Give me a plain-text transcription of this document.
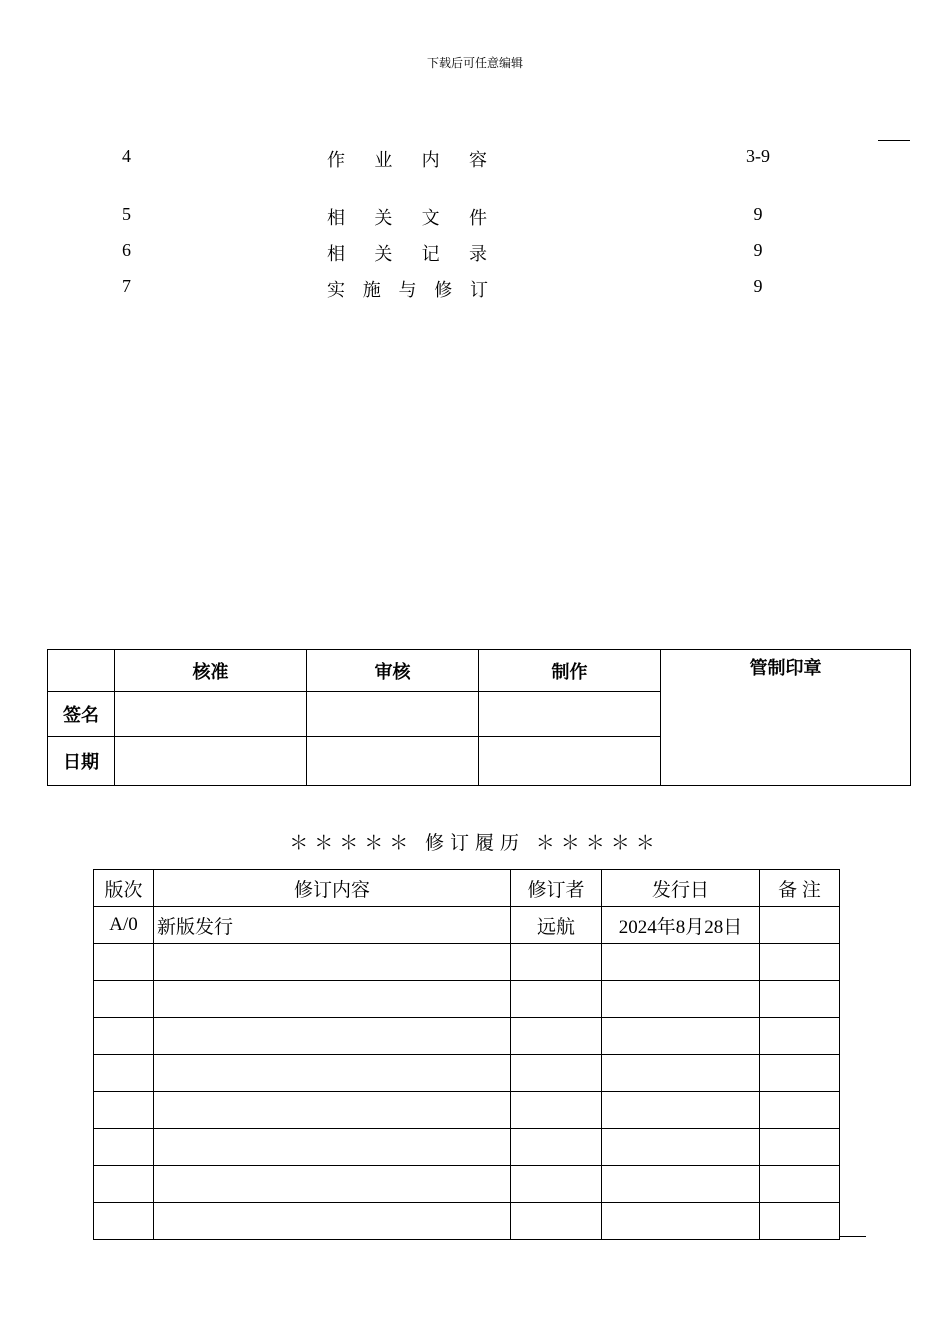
下载后可任意编辑
4	作业内容	3-9
5	相关文件	9
6	相关记录	9
7	实施与修订	9
	核准	审核	制作	管制印章
签名				
日期				
＊＊＊＊＊ 修订履历 ＊＊＊＊＊
版次	修订内容	修订者	发行日	备 注
A/0	新版发行	远航	2024年8月28日	
